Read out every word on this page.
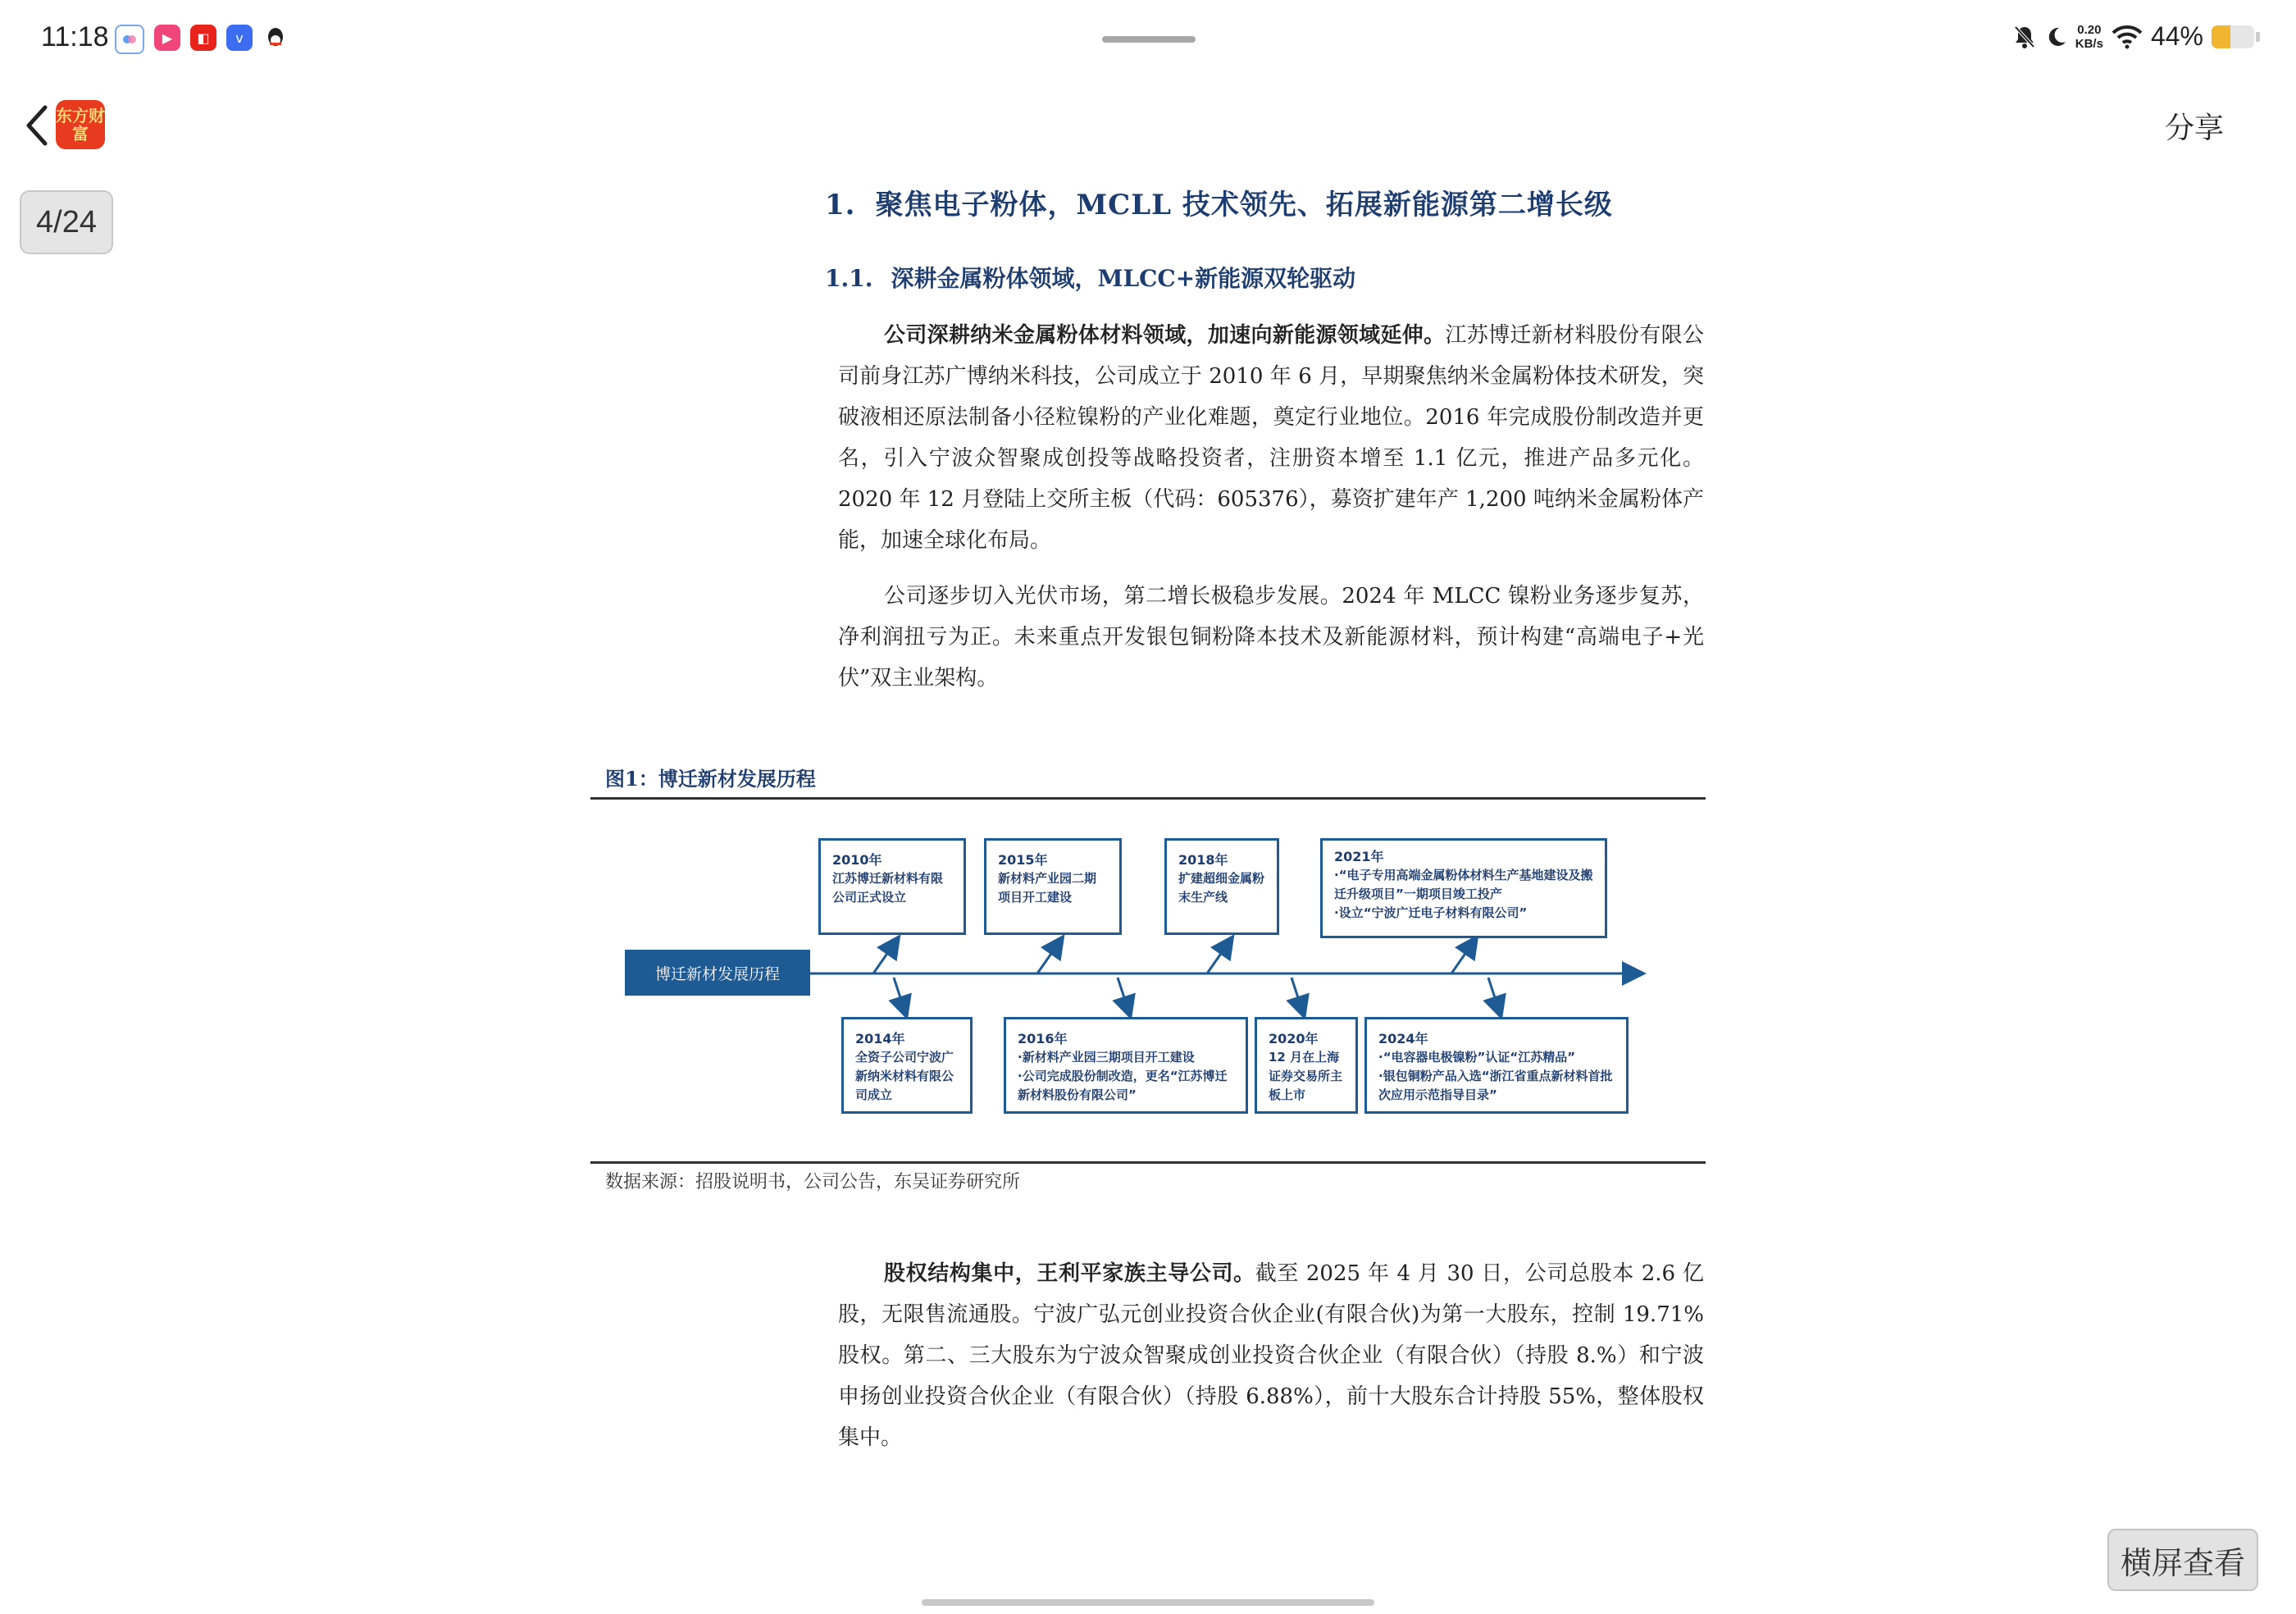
11:18	▶	◧	v
0.20
KB/s 44%
东方财富	分享
4/24	1. 聚焦电子粉体，MCLL 技术领先、拓展新能源第二增长级
1.1. 深耕金属粉体领域，MLCC+新能源双轮驱动
公司深耕纳米金属粉体材料领域，加速向新能源领域延伸。江苏博迁新材料股份有限公司前身江苏广博纳米科技，公司成立于 2010 年 6 月，早期聚焦纳米金属粉体技术研发，突破液相还原法制备小径粒镍粉的产业化难题，奠定行业地位。2016 年完成股份制改造并更名，引入宁波众智聚成创投等战略投资者，注册资本增至 1.1 亿元，推进产品多元化。2020 年 12 月登陆上交所主板（代码：605376），募资扩建年产 1,200 吨纳米金属粉体产能，加速全球化布局。
公司逐步切入光伏市场，第二增长极稳步发展。2024 年 MLCC 镍粉业务逐步复苏，净利润扭亏为正。未来重点开发银包铜粉降本技术及新能源材料，预计构建“高端电子+光伏”双主业架构。
图1：博迁新材发展历程
博迁新材发展历程
2010年
江苏博迁新材料有限公司正式设立
2015年
新材料产业园二期项目开工建设
2018年
扩建超细金属粉末生产线
2021年
·“电子专用高端金属粉体材料生产基地建设及搬迁升级项目”一期项目竣工投产
·设立“宁波广迁电子材料有限公司”
2014年
全资子公司宁波广新纳米材料有限公司成立
2016年
·新材料产业园三期项目开工建设
·公司完成股份制改造，更名“江苏博迁新材料股份有限公司”
2020年
12 月在上海证券交易所主板上市
2024年
·“电容器电极镍粉”认证“江苏精品”
·银包铜粉产品入选“浙江省重点新材料首批次应用示范指导目录”
数据来源：招股说明书，公司公告，东吴证券研究所
股权结构集中，王利平家族主导公司。截至 2025 年 4 月 30 日，公司总股本 2.6 亿股，无限售流通股。宁波广弘元创业投资合伙企业(有限合伙)为第一大股东，控制 19.71%股权。第二、三大股东为宁波众智聚成创业投资合伙企业（有限合伙）（持股 8.%）和宁波申扬创业投资合伙企业（有限合伙）（持股 6.88%），前十大股东合计持股 55%，整体股权集中。
横屏查看
